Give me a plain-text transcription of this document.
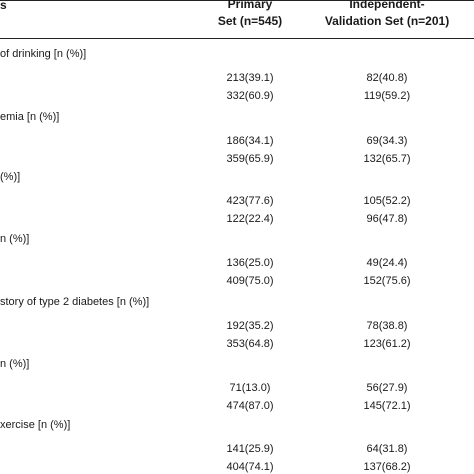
s	Primary
Set (n=545)
Independent-
Validation Set (n=201)
of drinking [n (%)]
213(39.1)	82(40.8)
332(60.9)	119(59.2)
emia [n (%)]
186(34.1)	69(34.3)
359(65.9)	132(65.7)
(%)]
423(77.6)	105(52.2)
122(22.4)	96(47.8)
n (%)]
136(25.0)	49(24.4)
409(75.0)	152(75.6)
story of type 2 diabetes [n (%)]
192(35.2)	78(38.8)
353(64.8)	123(61.2)
n (%)]
71(13.0)	56(27.9)
474(87.0)	145(72.1)
xercise [n (%)]
141(25.9)	64(31.8)
404(74.1)	137(68.2)
